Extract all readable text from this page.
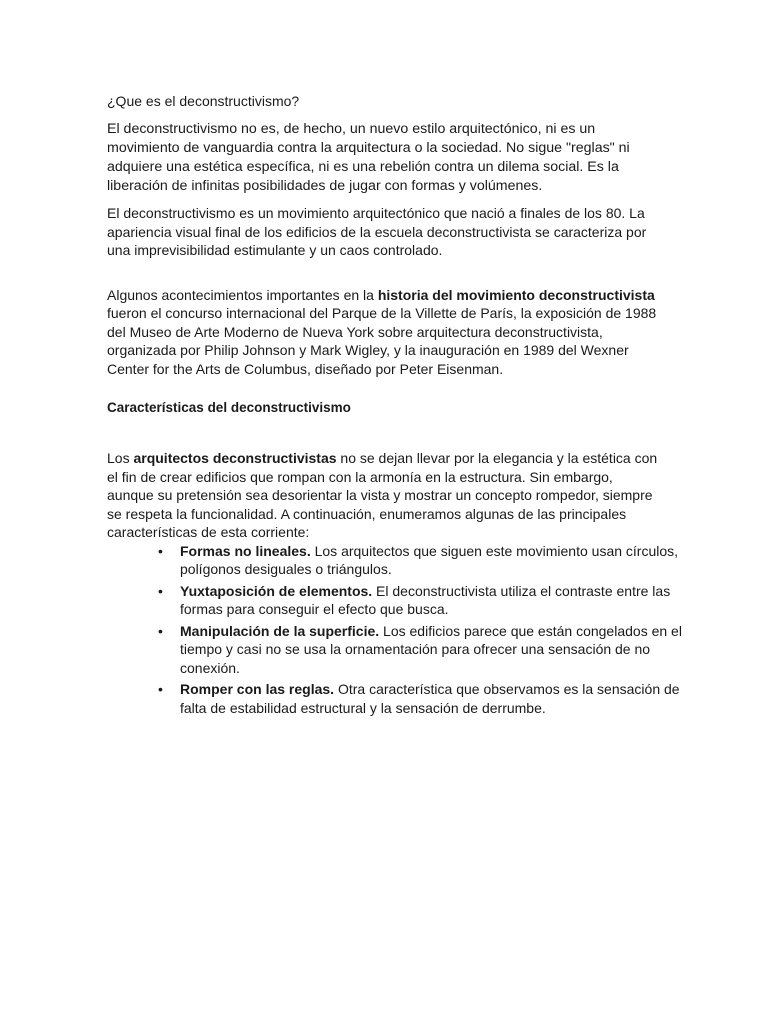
¿Que es el deconstructivismo?

El deconstructivismo no es, de hecho, un nuevo estilo arquitectónico, ni es un movimiento de vanguardia contra la arquitectura o la sociedad. No sigue "reglas" ni adquiere una estética específica, ni es una rebelión contra un dilema social. Es la liberación de infinitas posibilidades de jugar con formas y volúmenes.

El deconstructivismo es un movimiento arquitectónico que nació a finales de los 80. La apariencia visual final de los edificios de la escuela deconstructivista se caracteriza por una imprevisibilidad estimulante y un caos controlado.

Algunos acontecimientos importantes en la historia del movimiento deconstructivista fueron el concurso internacional del Parque de la Villette de París, la exposición de 1988 del Museo de Arte Moderno de Nueva York sobre arquitectura deconstructivista, organizada por Philip Johnson y Mark Wigley, y la inauguración en 1989 del Wexner Center for the Arts de Columbus, diseñado por Peter Eisenman.

Características del deconstructivismo

Los arquitectos deconstructivistas no se dejan llevar por la elegancia y la estética con el fin de crear edificios que rompan con la armonía en la estructura. Sin embargo, aunque su pretensión sea desorientar la vista y mostrar un concepto rompedor, siempre se respeta la funcionalidad. A continuación, enumeramos algunas de las principales características de esta corriente:

• Formas no lineales. Los arquitectos que siguen este movimiento usan círculos, polígonos desiguales o triángulos.
• Yuxtaposición de elementos. El deconstructivista utiliza el contraste entre las formas para conseguir el efecto que busca.
• Manipulación de la superficie. Los edificios parece que están congelados en el tiempo y casi no se usa la ornamentación para ofrecer una sensación de no conexión.
• Romper con las reglas. Otra característica que observamos es la sensación de falta de estabilidad estructural y la sensación de derrumbe.
